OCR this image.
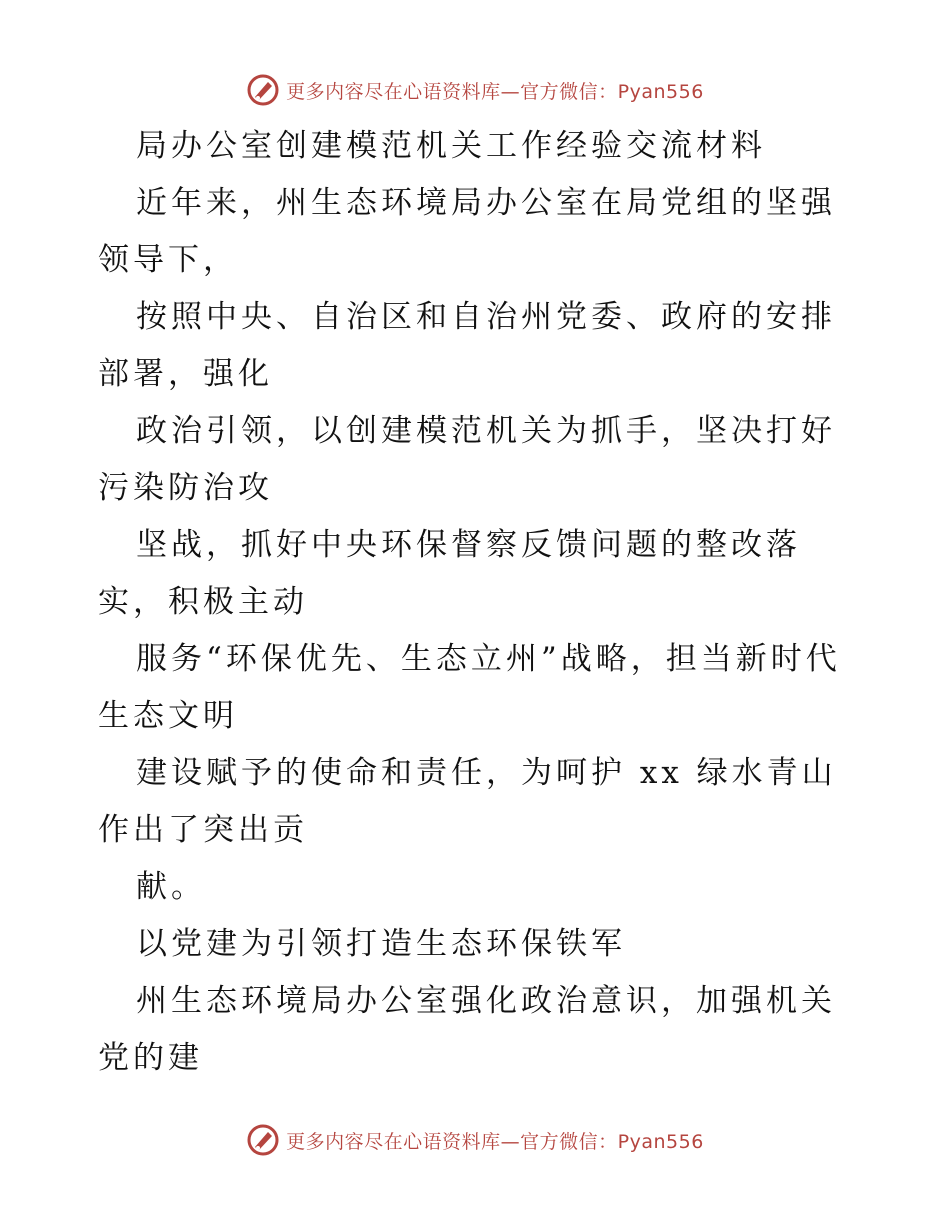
更多内容尽在心语资料库—官方微信：Pyan556

局办公室创建模范机关工作经验交流材料

近年来，州生态环境局办公室在局党组的坚强领导下，

按照中央、自治区和自治州党委、政府的安排部署，强化

政治引领，以创建模范机关为抓手，坚决打好污染防治攻

坚战，抓好中央环保督察反馈问题的整改落实，积极主动

服务“环保优先、生态立州”战略，担当新时代生态文明

建设赋予的使命和责任，为呵护 xx 绿水青山作出了突出贡

献。

以党建为引领打造生态环保铁军

州生态环境局办公室强化政治意识，加强机关党的建

更多内容尽在心语资料库—官方微信：Pyan556
